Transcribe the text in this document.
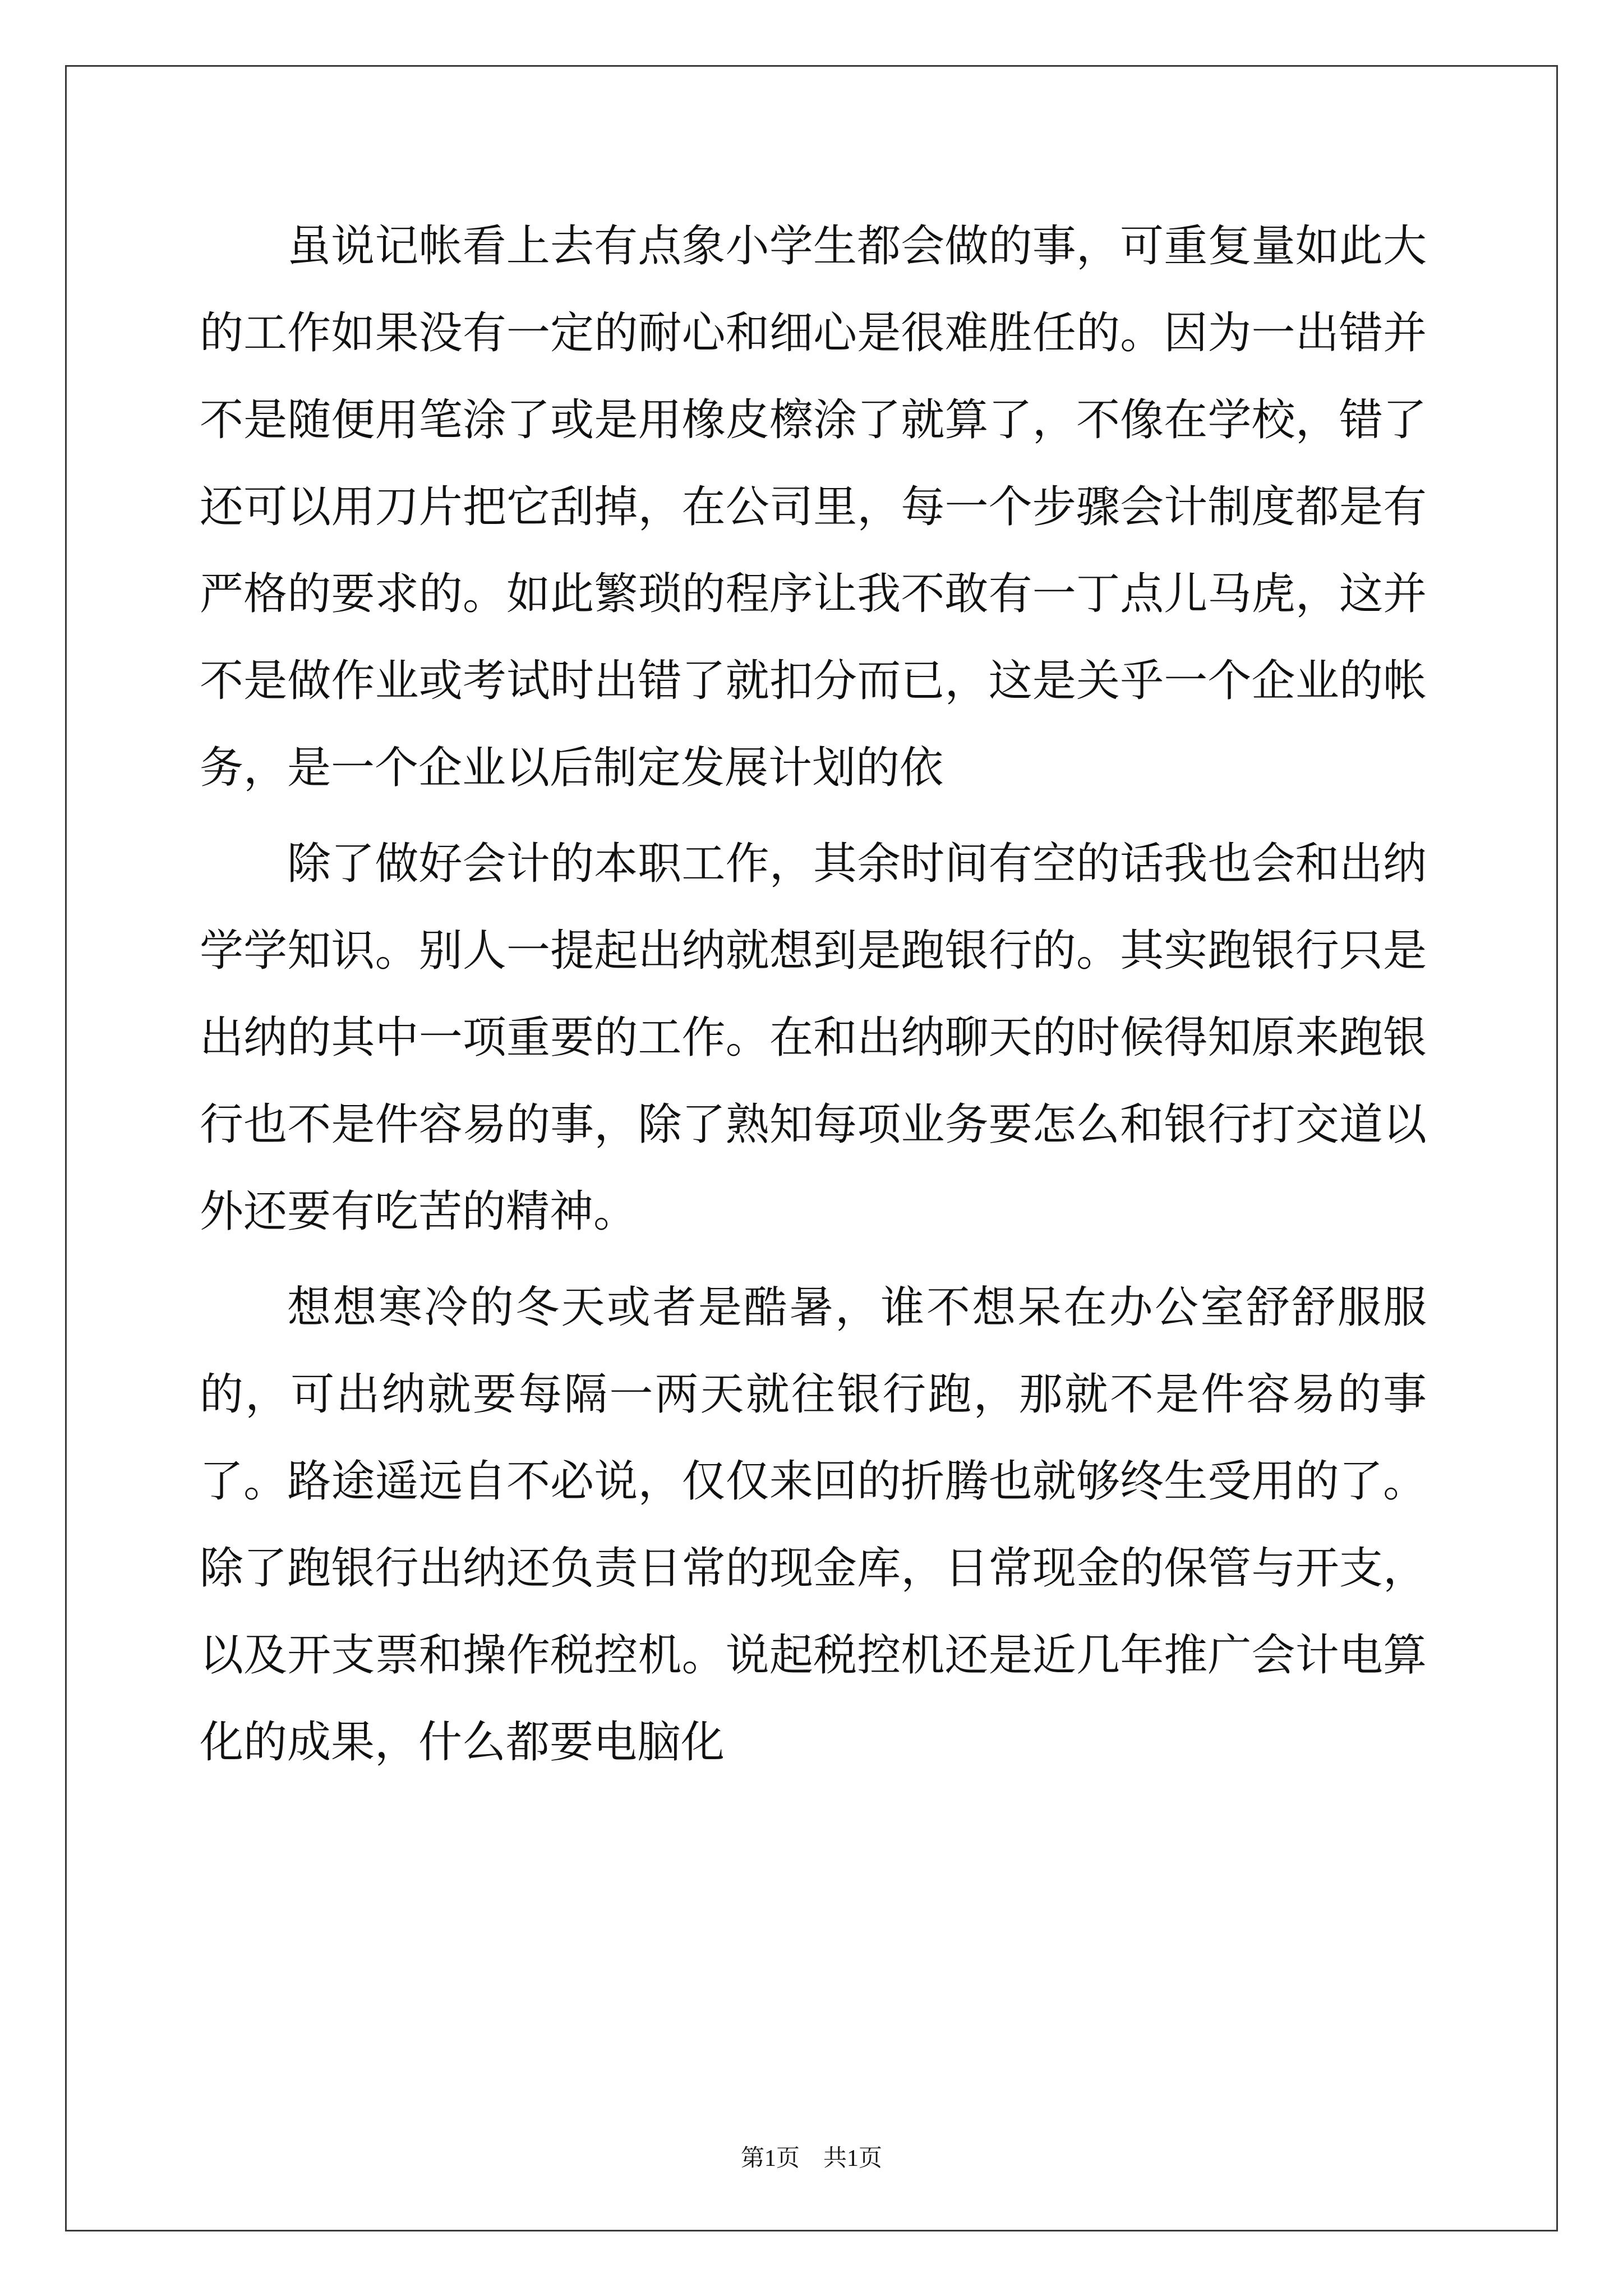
虽说记帐看上去有点象小学生都会做的事，可重复量如此大的工作如果没有一定的耐心和细心是很难胜任的。因为一出错并不是随便用笔涂了或是用橡皮檫涂了就算了，不像在学校，错了还可以用刀片把它刮掉，在公司里，每一个步骤会计制度都是有严格的要求的。如此繁琐的程序让我不敢有一丁点儿马虎，这并不是做作业或考试时出错了就扣分而已，这是关乎一个企业的帐务，是一个企业以后制定发展计划的依

除了做好会计的本职工作，其余时间有空的话我也会和出纳学学知识。别人一提起出纳就想到是跑银行的。其实跑银行只是出纳的其中一项重要的工作。在和出纳聊天的时候得知原来跑银行也不是件容易的事，除了熟知每项业务要怎么和银行打交道以外还要有吃苦的精神。

想想寒冷的冬天或者是酷暑，谁不想呆在办公室舒舒服服的，可出纳就要每隔一两天就往银行跑，那就不是件容易的事了。路途遥远自不必说，仅仅来回的折腾也就够终生受用的了。除了跑银行出纳还负责日常的现金库，日常现金的保管与开支，以及开支票和操作税控机。说起税控机还是近几年推广会计电算化的成果，什么都要电脑化

第1页　共1页
